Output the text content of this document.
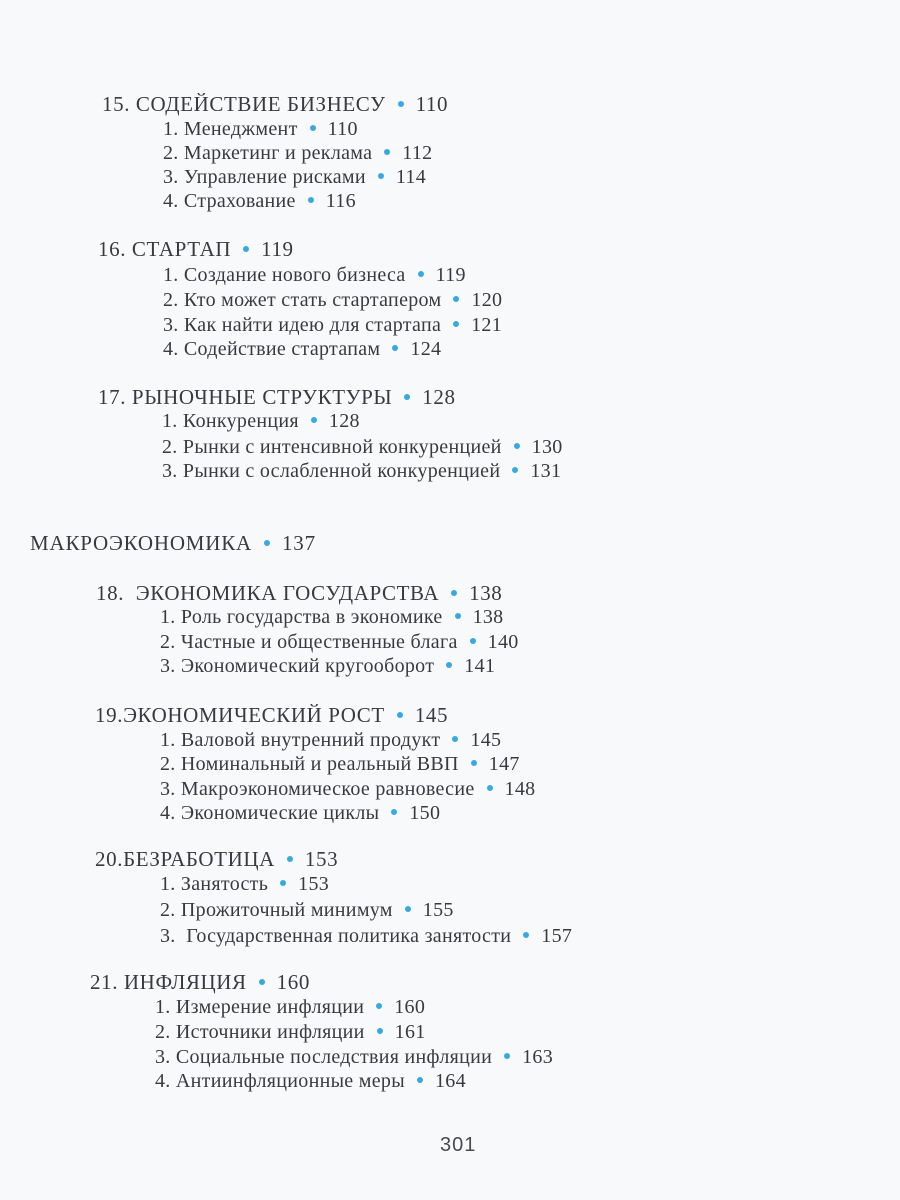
15. СОДЕЙСТВИЕ БИЗНЕСУ 110
1. Менеджмент 110
2. Маркетинг и реклама 112
3. Управление рисками 114
4. Страхование 116
16. СТАРТАП 119
1. Создание нового бизнеса 119
2. Кто может стать стартапером 120
3. Как найти идею для стартапа 121
4. Содействие стартапам 124
17. РЫНОЧНЫЕ СТРУКТУРЫ 128
1. Конкуренция 128
2. Рынки с интенсивной конкуренцией 130
3. Рынки с ослабленной конкуренцией 131
МАКРОЭКОНОМИКА 137
18. ЭКОНОМИКА ГОСУДАРСТВА 138
1. Роль государства в экономике 138
2. Частные и общественные блага 140
3. Экономический кругооборот 141
19.ЭКОНОМИЧЕСКИЙ РОСТ 145
1. Валовой внутренний продукт 145
2. Номинальный и реальный ВВП 147
3. Макроэкономическое равновесие 148
4. Экономические циклы 150
20.БЕЗРАБОТИЦА 153
1. Занятость 153
2. Прожиточный минимум 155
3. Государственная политика занятости 157
21. ИНФЛЯЦИЯ 160
1. Измерение инфляции 160
2. Источники инфляции 161
3. Социальные последствия инфляции 163
4. Антиинфляционные меры 164
301
